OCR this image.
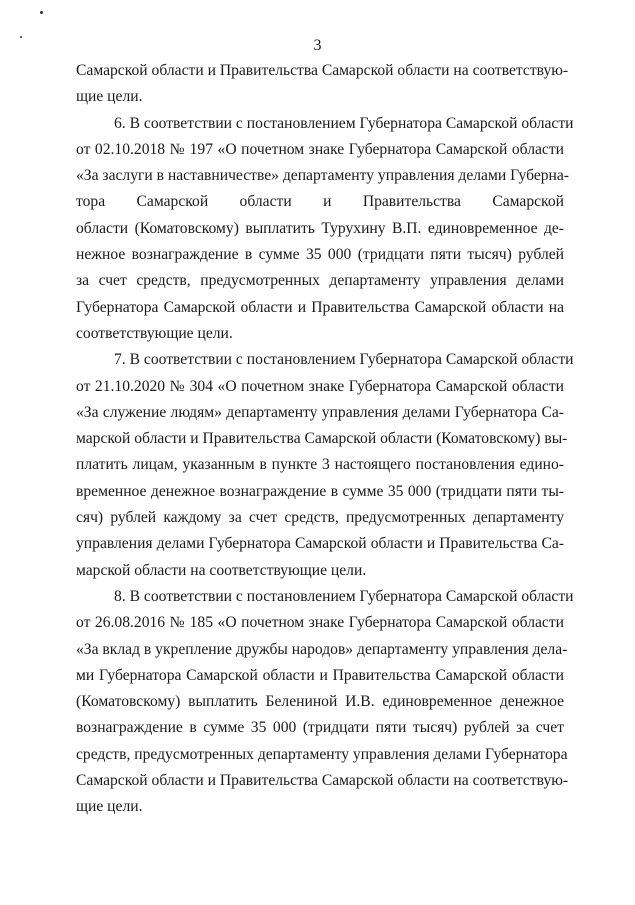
3
Самарской области и Правительства Самарской области на соответствую-
щие цели.
6. В соответствии с постановлением Губернатора Самарской области
от 02.10.2018 № 197 «О почетном знаке Губернатора Самарской области
«За заслуги в наставничестве» департаменту управления делами Губерна-
тора Самарской области и Правительства Самарской
области (Коматовскому) выплатить Турухину В.П. единовременное де-
нежное вознаграждение в сумме 35 000 (тридцати пяти тысяч) рублей
за счет средств, предусмотренных департаменту управления делами
Губернатора Самарской области и Правительства Самарской области на
соответствующие цели.
7. В соответствии с постановлением Губернатора Самарской области
от 21.10.2020 № 304 «О почетном знаке Губернатора Самарской области
«За служение людям» департаменту управления делами Губернатора Са-
марской области и Правительства Самарской области (Коматовскому) вы-
платить лицам, указанным в пункте 3 настоящего постановления едино-
временное денежное вознаграждение в сумме 35 000 (тридцати пяти ты-
сяч) рублей каждому за счет средств, предусмотренных департаменту
управления делами Губернатора Самарской области и Правительства Са-
марской области на соответствующие цели.
8. В соответствии с постановлением Губернатора Самарской области
от 26.08.2016 № 185 «О почетном знаке Губернатора Самарской области
«За вклад в укрепление дружбы народов» департаменту управления дела-
ми Губернатора Самарской области и Правительства Самарской области
(Коматовскому) выплатить Белениной И.В. единовременное денежное
вознаграждение в сумме 35 000 (тридцати пяти тысяч) рублей за счет
средств, предусмотренных департаменту управления делами Губернатора
Самарской области и Правительства Самарской области на соответствую-
щие цели.
